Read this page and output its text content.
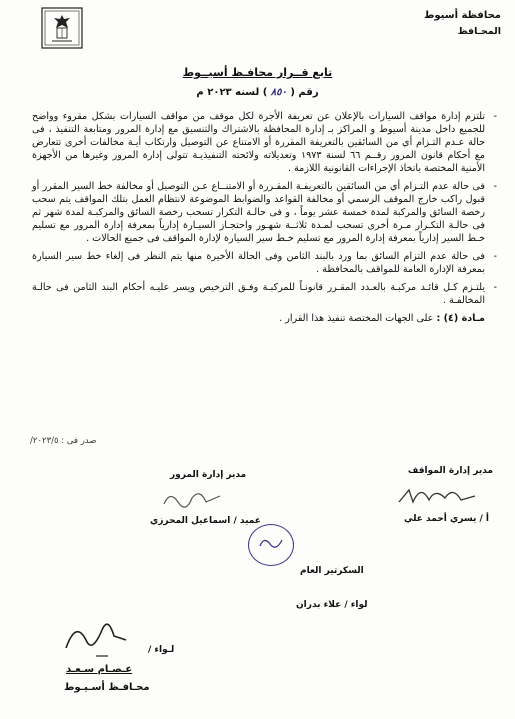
محافظة أسيوط
المحـافظ
تابع قــرار محافـظ أسيــوط
رقم ( ٨٥٠ ) لسنه ٢٠٢٣ م

- تلتزم إدارة مواقف السيارات بالإعلان عن تعريفة الأجرة لكل موقف من مواقف السيارات بشكل مقروء وواضح للجميع داخل مدينة أسيوط و المراكز بـ إدارة المحافظة بالاشتراك والتنسيق مع إدارة المرور ومتابعة التنفيذ ، فى حالة عـدم التـزام أي من السائقين بالتعريفة المقررة أو الامتناع عن التوصيل وارتكاب أيـة مخالفات أخرى تتعارض مع أحكام قانون المرور رقــم ٦٦ لسنة ١٩٧٣ وتعديلاته ولائحته التنفيذيـة تتولى إدارة المرور وغيرها من الأجهزة الأمنية المختصة باتخاذ الإجراءات القانونية اللازمة .

- فى حالة عدم التـزام أي من السائقين بالتعريفـة المقـررة أو الامتنــاع عـن التوصيل أو مخالفة خط السير المقرر أو قبول راكب خارج الموقف الرسمي أو مخالفة القواعد والضوابط الموضوعة لانتظام العمل بتلك المواقف يتم سحب رخصة السائق والمركبة لمدة خمسة عشر يوماً ، و فى حالـة التكرار تسحب رخصة السائق والمركبـة لمدة شهر ثم فى حالـة التكـرار مـرة أخرى تسحب لمـدة ثلاثــة شهـور واحتجـاز السيـارة إدارياً بمعرفة إدارة المرور مع تسليم خـط السير إدارياً بمعرفة إدارة المرور مع تسليم خـط سير السيارة لإدارة المواقف فى جميع الحالات .

- فى حالة عدم التزام السائق بما ورد بالبند الثامن وفى الحالة الأخيرة منها يتم النظر فى إلغاء خط سير السيارة بمعرفة الإدارة العامة للمواقف بالمحافظة .

- يلتـزم كـل قائـد مركبـة بالعـدد المقـرر قانونـاً للمركبـة وفـق الترخيص ويسر عليـه أحكام البند الثامن فى حالـة المخالفـة .

مـادة (٤) : على الجهات المختصة تنفيذ هذا القرار .

صدر فى : ٢٠٢٣/٥/
مدير إدارة المرور
عميد / اسماعيل المحرزي
مدير إدارة المواقف
أ / يسري أحمد علي
السكرتير العام
لواء / علاء بدران
لـواء /
عـصـام سـعـد
محـافـظ أسـيـوط
